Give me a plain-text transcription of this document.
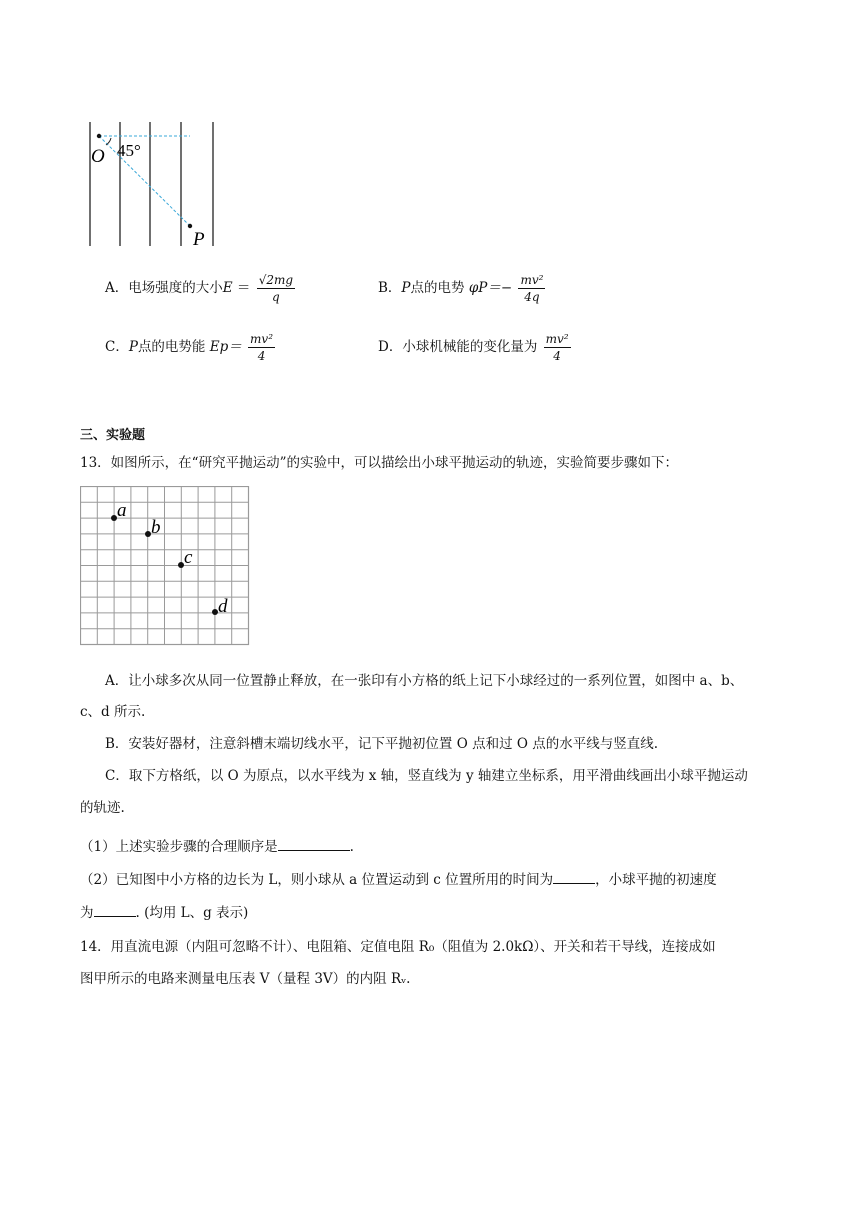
O 45°
P
A．电场强度的大小$E = \frac{√2mg}{q}$	B．P点的电势 $\varphi P=- \frac{\text{mv²}}{4q}$
C．P点的电势能 $Ep= \frac{\text{mv²}}{4}$	D．小球机械能的变化量为 $\frac{\text{mv²}}{4}$
三、实验题
13．如图所示，在“研究平抛运动”的实验中，可以描绘出小球平抛运动的轨迹，实验简要步骤如下：
a
b
c
d
A．让小球多次从同一位置静止释放，在一张印有小方格的纸上记下小球经过的一系列位置，如图中 a、b、
c、d 所示.
B．安装好器材，注意斜槽末端切线水平，记下平抛初位置 O 点和过 O 点的水平线与竖直线.
C．取下方格纸，以 O 为原点，以水平线为 x 轴，竖直线为 y 轴建立坐标系，用平滑曲线画出小球平抛运动
的轨迹.
（1）上述实验步骤的合理顺序是	.
（2）已知图中小方格的边长为 L，则小球从 a 位置运动到 c 位置所用的时间为	，小球平抛的初速度
为	. (均用 L、g 表示)
14．用直流电源（内阻可忽略不计）、电阻箱、定值电阻 R₀（阻值为 2.0kΩ）、开关和若干导线，连接成如
图甲所示的电路来测量电压表 V（量程 3V）的内阻 Rᵥ.
